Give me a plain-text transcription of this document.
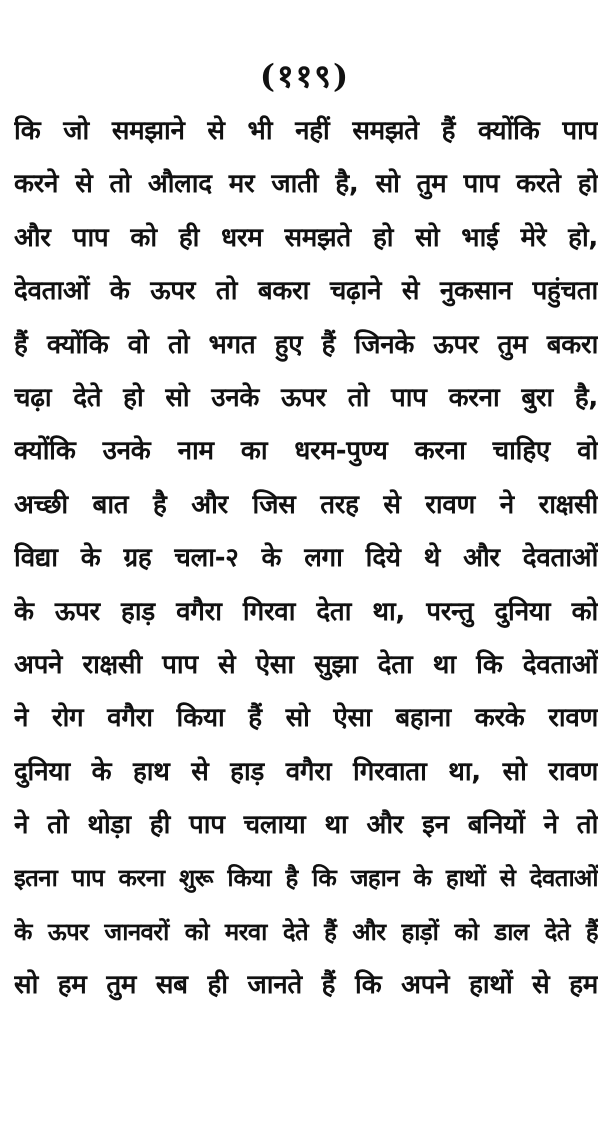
(११९)
कि जो समझाने से भी नहीं समझते हैं क्योंकि पाप
करने से तो औलाद मर जाती है, सो तुम पाप करते हो
और पाप को ही धरम समझते हो सो भाई मेरे हो,
देवताओं के ऊपर तो बकरा चढ़ाने से नुकसान पहुंचता
हैं क्योंकि वो तो भगत हुए हैं जिनके ऊपर तुम बकरा
चढ़ा देते हो सो उनके ऊपर तो पाप करना बुरा है,
क्योंकि उनके नाम का धरम-पुण्य करना चाहिए वो
अच्छी बात है और जिस तरह से रावण ने राक्षसी
विद्या के ग्रह चला-२ के लगा दिये थे और देवताओं
के ऊपर हाड़ वगैरा गिरवा देता था, परन्तु दुनिया को
अपने राक्षसी पाप से ऐसा सुझा देता था कि देवताओं
ने रोग वगैरा किया हैं सो ऐसा बहाना करके रावण
दुनिया के हाथ से हाड़ वगैरा गिरवाता था, सो रावण
ने तो थोड़ा ही पाप चलाया था और इन बनियों ने तो
इतना पाप करना शुरू किया है कि जहान के हाथों से देवताओं
के ऊपर जानवरों को मरवा देते हैं और हाड़ों को डाल देते हैं
सो हम तुम सब ही जानते हैं कि अपने हाथों से हम
